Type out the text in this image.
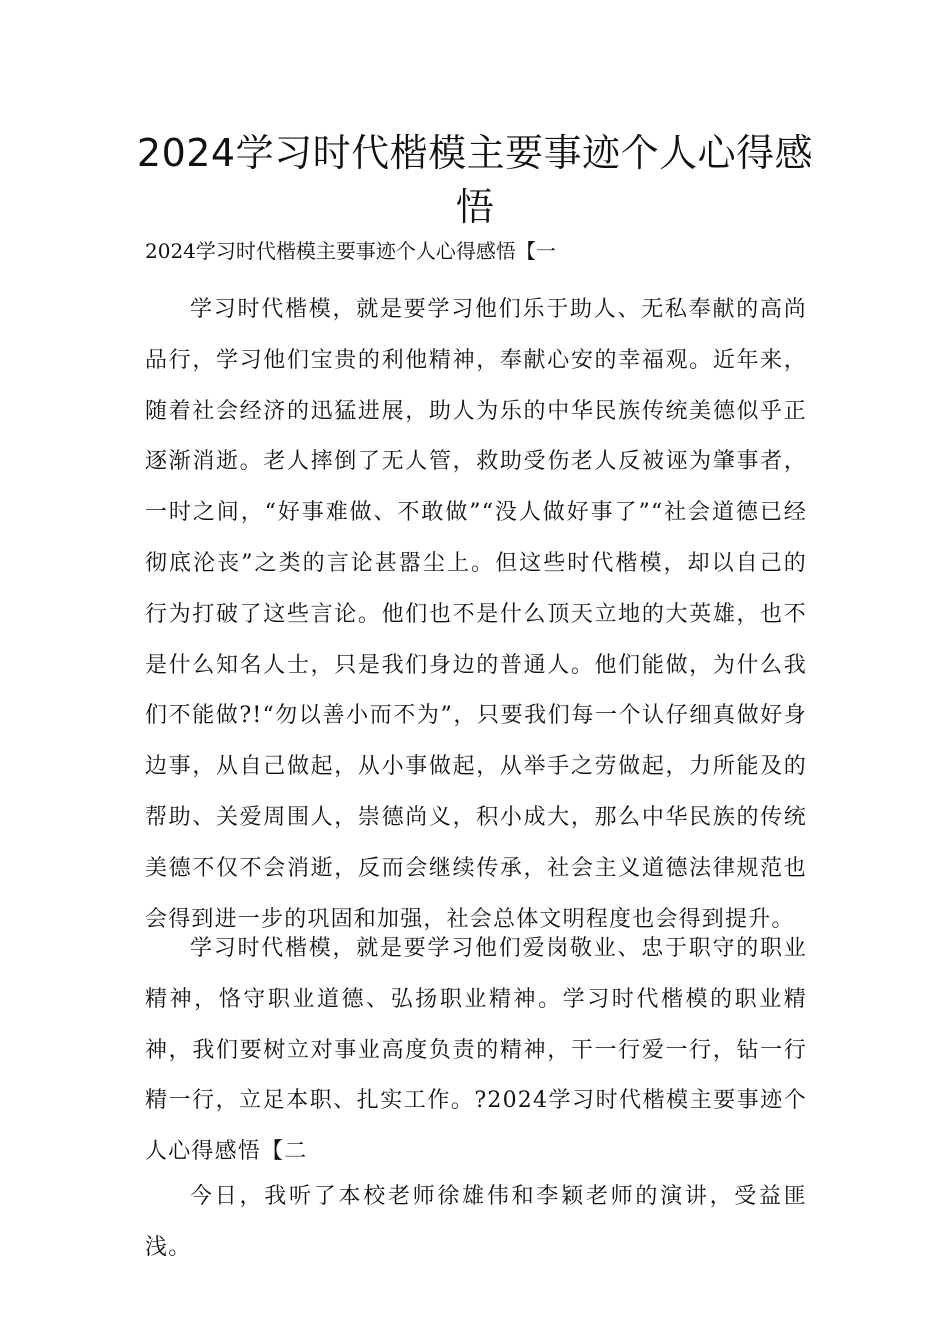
2024学习时代楷模主要事迹个人心得感悟

2024学习时代楷模主要事迹个人心得感悟【一

学习时代楷模，就是要学习他们乐于助人、无私奉献的高尚品行，学习他们宝贵的利他精神，奉献心安的幸福观。近年来，随着社会经济的迅猛进展，助人为乐的中华民族传统美德似乎正逐渐消逝。老人摔倒了无人管，救助受伤老人反被诬为肇事者，一时之间，“好事难做、不敢做”“没人做好事了”“社会道德已经彻底沦丧”之类的言论甚嚣尘上。但这些时代楷模，却以自己的行为打破了这些言论。他们也不是什么顶天立地的大英雄，也不是什么知名人士，只是我们身边的普通人。他们能做，为什么我们不能做?!“勿以善小而不为”，只要我们每一个认仔细真做好身边事，从自己做起，从小事做起，从举手之劳做起，力所能及的帮助、关爱周围人，崇德尚义，积小成大，那么中华民族的传统美德不仅不会消逝，反而会继续传承，社会主义道德法律规范也会得到进一步的巩固和加强，社会总体文明程度也会得到提升。

学习时代楷模，就是要学习他们爱岗敬业、忠于职守的职业精神，恪守职业道德、弘扬职业精神。学习时代楷模的职业精神，我们要树立对事业高度负责的精神，干一行爱一行，钻一行精一行，立足本职、扎实工作。?2024学习时代楷模主要事迹个人心得感悟【二

今日，我听了本校老师徐雄伟和李颖老师的演讲，受益匪浅。
